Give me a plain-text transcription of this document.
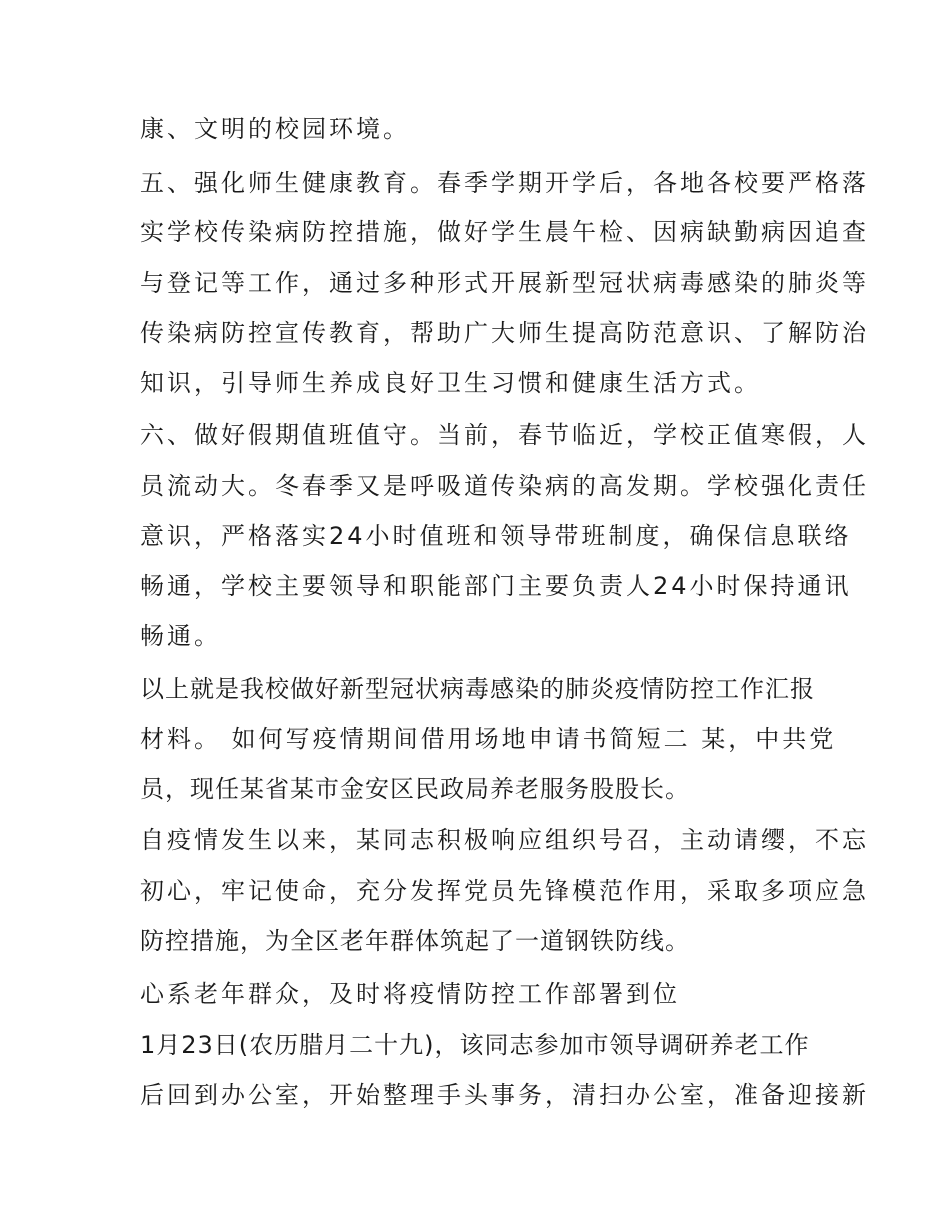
康、文明的校园环境。
五、强化师生健康教育。春季学期开学后，各地各校要严格落
实学校传染病防控措施，做好学生晨午检、因病缺勤病因追查
与登记等工作，通过多种形式开展新型冠状病毒感染的肺炎等
传染病防控宣传教育，帮助广大师生提高防范意识、了解防治
知识，引导师生养成良好卫生习惯和健康生活方式。
六、做好假期值班值守。当前，春节临近，学校正值寒假，人
员流动大。冬春季又是呼吸道传染病的高发期。学校强化责任
意识，严格落实24小时值班和领导带班制度，确保信息联络
畅通，学校主要领导和职能部门主要负责人24小时保持通讯
畅通。
以上就是我校做好新型冠状病毒感染的肺炎疫情防控工作汇报
材料。 如何写疫情期间借用场地申请书简短二 某，中共党
员，现任某省某市金安区民政局养老服务股股长。
自疫情发生以来，某同志积极响应组织号召，主动请缨，不忘
初心，牢记使命，充分发挥党员先锋模范作用，采取多项应急
防控措施，为全区老年群体筑起了一道钢铁防线。
心系老年群众，及时将疫情防控工作部署到位
1月23日(农历腊月二十九)，该同志参加市领导调研养老工作
后回到办公室，开始整理手头事务，清扫办公室，准备迎接新
